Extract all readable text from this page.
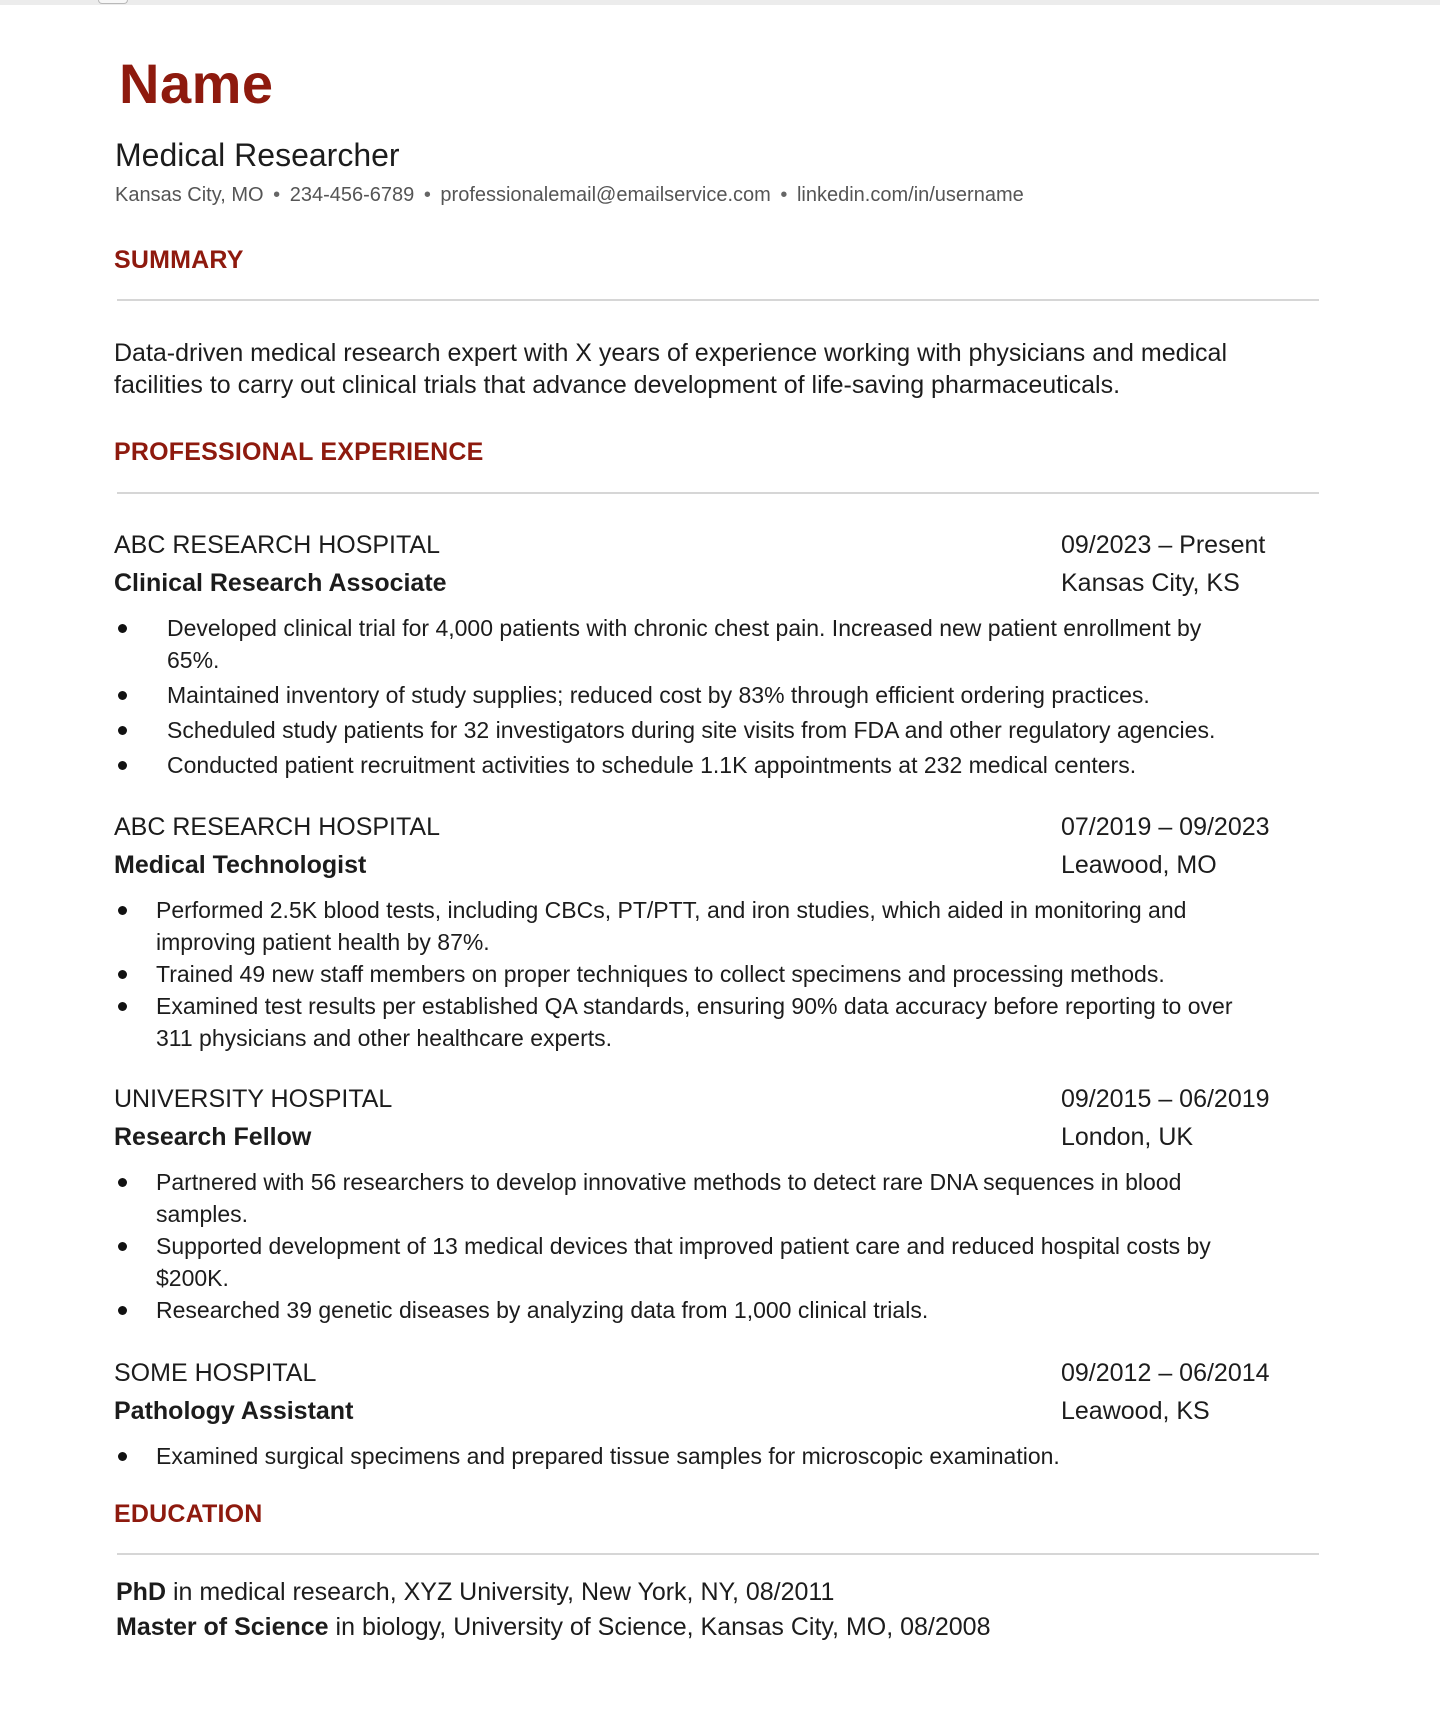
Name
Medical Researcher
Kansas City, MO • 234-456-6789 • professionalemail@emailservice.com • linkedin.com/in/username
SUMMARY
Data-driven medical research expert with X years of experience working with physicians and medical facilities to carry out clinical trials that advance development of life-saving pharmaceuticals.
PROFESSIONAL EXPERIENCE
ABC RESEARCH HOSPITAL	09/2023 – Present
Clinical Research Associate	Kansas City, KS
Developed clinical trial for 4,000 patients with chronic chest pain. Increased new patient enrollment by 65%.
Maintained inventory of study supplies; reduced cost by 83% through efficient ordering practices.
Scheduled study patients for 32 investigators during site visits from FDA and other regulatory agencies.
Conducted patient recruitment activities to schedule 1.1K appointments at 232 medical centers.
ABC RESEARCH HOSPITAL	07/2019 – 09/2023
Medical Technologist	Leawood, MO
Performed 2.5K blood tests, including CBCs, PT/PTT, and iron studies, which aided in monitoring and improving patient health by 87%.
Trained 49 new staff members on proper techniques to collect specimens and processing methods.
Examined test results per established QA standards, ensuring 90% data accuracy before reporting to over 311 physicians and other healthcare experts.
UNIVERSITY HOSPITAL	09/2015 – 06/2019
Research Fellow	London, UK
Partnered with 56 researchers to develop innovative methods to detect rare DNA sequences in blood samples.
Supported development of 13 medical devices that improved patient care and reduced hospital costs by $200K.
Researched 39 genetic diseases by analyzing data from 1,000 clinical trials.
SOME HOSPITAL	09/2012 – 06/2014
Pathology Assistant	Leawood, KS
Examined surgical specimens and prepared tissue samples for microscopic examination.
EDUCATION
PhD in medical research, XYZ University, New York, NY, 08/2011
Master of Science in biology, University of Science, Kansas City, MO, 08/2008
